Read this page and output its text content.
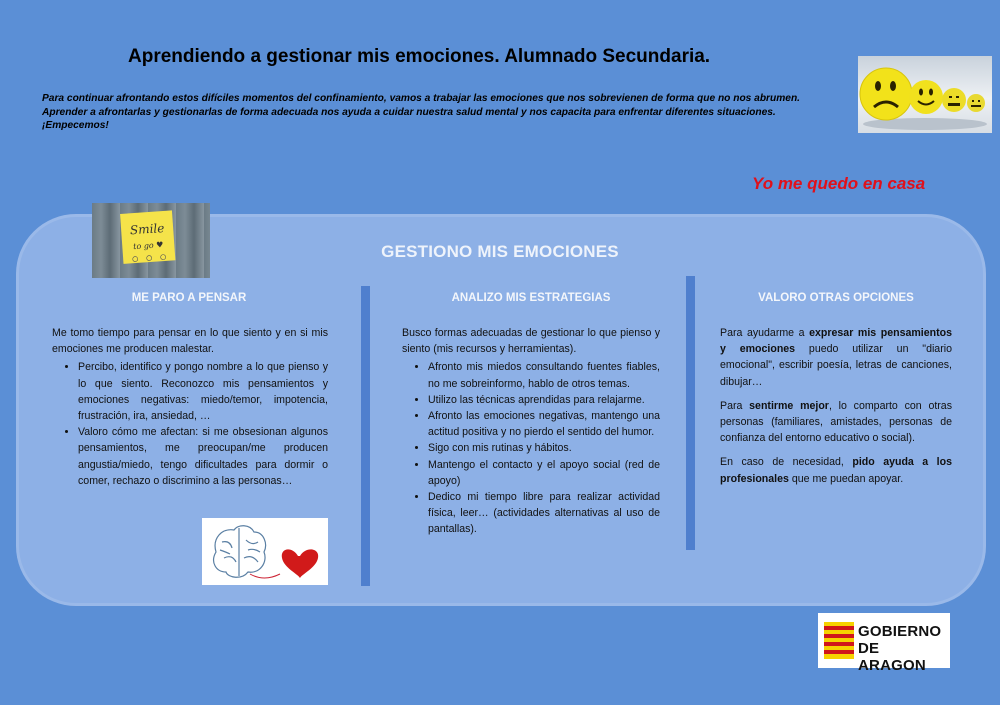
Aprendiendo a gestionar mis emociones. Alumnado Secundaria.

Para continuar afrontando estos difíciles momentos del confinamiento, vamos a trabajar las emociones que nos sobrevienen de forma que no nos abrumen.

Aprender a afrontarlas y gestionarlas de forma adecuada nos ayuda a cuidar nuestra salud mental y nos capacita para enfrentar diferentes situaciones.

¡Empecemos!

Yo me quedo en casa
GESTIONO MIS EMOCIONES
Smile
to go ♥
ME PARO A PENSAR	ANALIZO MIS ESTRATEGIAS	VALORO OTRAS OPCIONES

Me tomo tiempo para pensar en lo que siento y en si mis emociones me producen malestar.

• Percibo, identifico y pongo nombre a lo que pienso y lo que siento. Reconozco mis pensamientos y emociones negativas: miedo/temor, impotencia, frustración, ira, ansiedad, …
• Valoro cómo me afectan: si me obsesionan algunos pensamientos, me preocupan/me producen angustia/miedo, tengo dificultades para dormir o comer, rechazo o discrimino a las personas…

Busco formas adecuadas de gestionar lo que pienso y siento (mis recursos y herramientas).

• Afronto mis miedos consultando fuentes fiables, no me sobreinformo, hablo de otros temas.
• Utilizo las técnicas aprendidas para relajarme.
• Afronto las emociones negativas, mantengo una actitud positiva y no pierdo el sentido del humor.
• Sigo con mis rutinas y hábitos.
• Mantengo el contacto y el apoyo social (red de apoyo)
• Dedico mi tiempo libre para realizar actividad física, leer… (actividades alternativas al uso de pantallas).

Para ayudarme a expresar mis pensamientos y emociones puedo utilizar un "diario emocional", escribir poesía, letras de canciones, dibujar…

Para sentirme mejor, lo comparto con otras personas (familiares, amistades, personas de confianza del entorno educativo o social).

En caso de necesidad, pido ayuda a los profesionales que me puedan apoyar.

GOBIERNO
DE ARAGON
